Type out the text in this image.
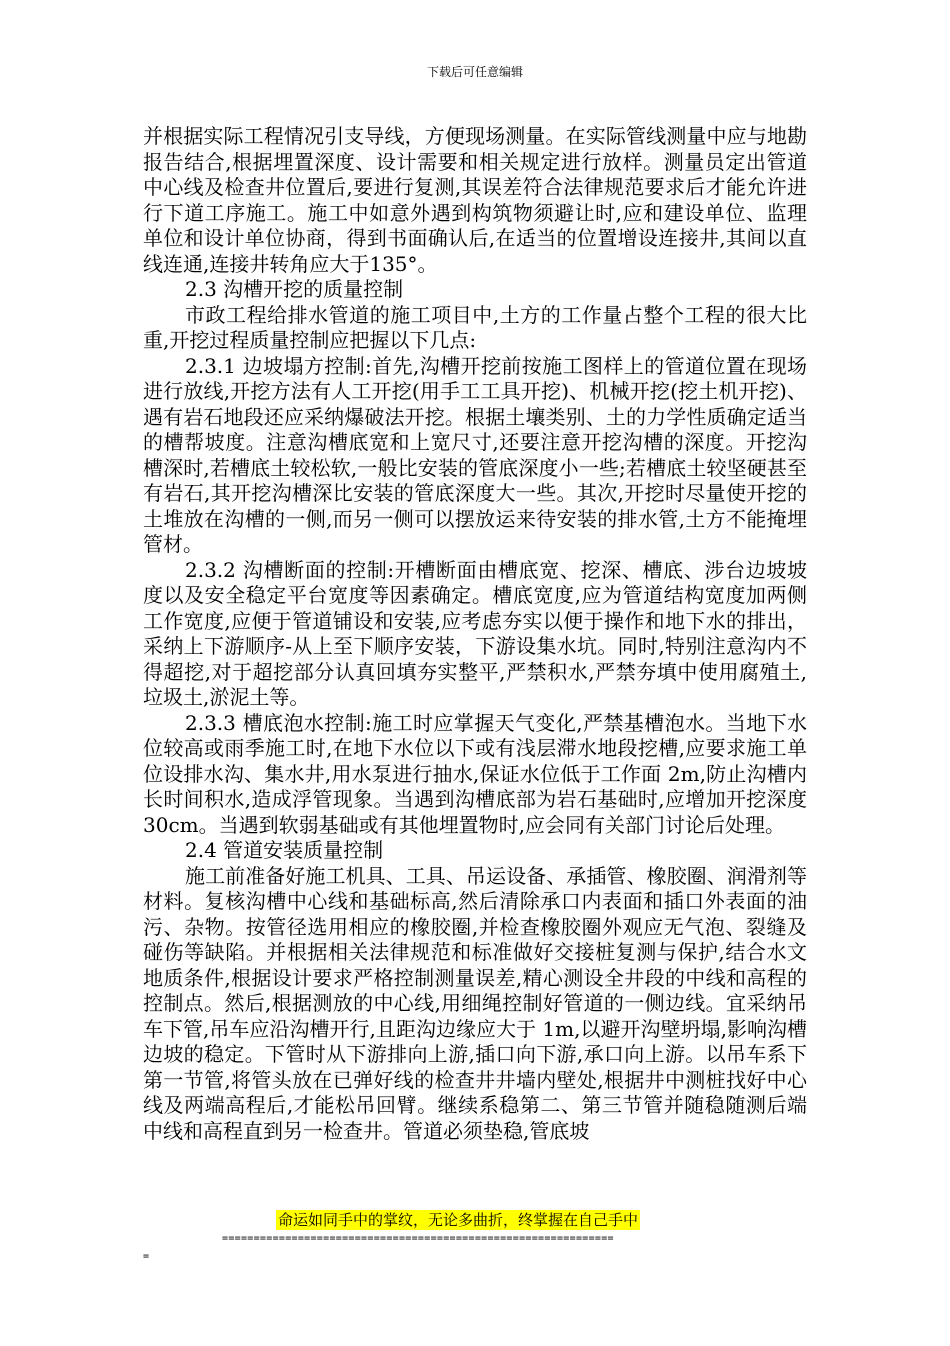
下载后可任意编辑

并根据实际工程情况引支导线，方便现场测量。在实际管线测量中应与地勘报告结合,根据埋置深度、设计需要和相关规定进行放样。测量员定出管道中心线及检查井位置后,要进行复测,其误差符合法律规范要求后才能允许进行下道工序施工。施工中如意外遇到构筑物须避让时,应和建设单位、监理单位和设计单位协商，得到书面确认后,在适当的位置增设连接井,其间以直线连通,连接井转角应大于135°。

2.3 沟槽开挖的质量控制

市政工程给排水管道的施工项目中,土方的工作量占整个工程的很大比重,开挖过程质量控制应把握以下几点:

2.3.1 边坡塌方控制:首先,沟槽开挖前按施工图样上的管道位置在现场进行放线,开挖方法有人工开挖(用手工工具开挖)、机械开挖(挖土机开挖)、遇有岩石地段还应采纳爆破法开挖。根据土壤类别、土的力学性质确定适当的槽帮坡度。注意沟槽底宽和上宽尺寸,还要注意开挖沟槽的深度。开挖沟槽深时,若槽底土较松软,一般比安装的管底深度小一些;若槽底土较坚硬甚至有岩石,其开挖沟槽深比安装的管底深度大一些。其次,开挖时尽量使开挖的土堆放在沟槽的一侧,而另一侧可以摆放运来待安装的排水管,土方不能掩埋管材。

2.3.2 沟槽断面的控制:开槽断面由槽底宽、挖深、槽底、涉台边坡坡度以及安全稳定平台宽度等因素确定。槽底宽度,应为管道结构宽度加两侧工作宽度,应便于管道铺设和安装,应考虑夯实以便于操作和地下水的排出，采纳上下游顺序-从上至下顺序安装，下游设集水坑。同时,特别注意沟内不得超挖,对于超挖部分认真回填夯实整平,严禁积水,严禁夯填中使用腐殖土,垃圾土,淤泥土等。

2.3.3 槽底泡水控制:施工时应掌握天气变化,严禁基槽泡水。当地下水位较高或雨季施工时,在地下水位以下或有浅层滞水地段挖槽,应要求施工单位设排水沟、集水井,用水泵进行抽水,保证水位低于工作面 2m,防止沟槽内长时间积水,造成浮管现象。当遇到沟槽底部为岩石基础时,应增加开挖深度 30cm。当遇到软弱基础或有其他埋置物时,应会同有关部门讨论后处理。

2.4 管道安装质量控制

施工前准备好施工机具、工具、吊运设备、承插管、橡胶圈、润滑剂等材料。复核沟槽中心线和基础标高,然后清除承口内表面和插口外表面的油污、杂物。按管径选用相应的橡胶圈,并检查橡胶圈外观应无气泡、裂缝及碰伤等缺陷。并根据相关法律规范和标准做好交接桩复测与保护,结合水文地质条件,根据设计要求严格控制测量误差,精心测设全井段的中线和高程的控制点。然后,根据测放的中心线,用细绳控制好管道的一侧边线。宜采纳吊车下管,吊车应沿沟槽开行,且距沟边缘应大于 1m,以避开沟壁坍塌,影响沟槽边坡的稳定。下管时从下游排向上游,插口向下游,承口向上游。以吊车系下第一节管,将管头放在已弹好线的检查井井墙内壁处,根据井中测桩找好中心线及两端高程后,才能松吊回臂。继续系稳第二、第三节管并随稳随测后端中线和高程直到另一检查井。管道必须垫稳,管底坡

命运如同手中的掌纹，无论多曲折，终掌握在自己手中
==============================================================
=
